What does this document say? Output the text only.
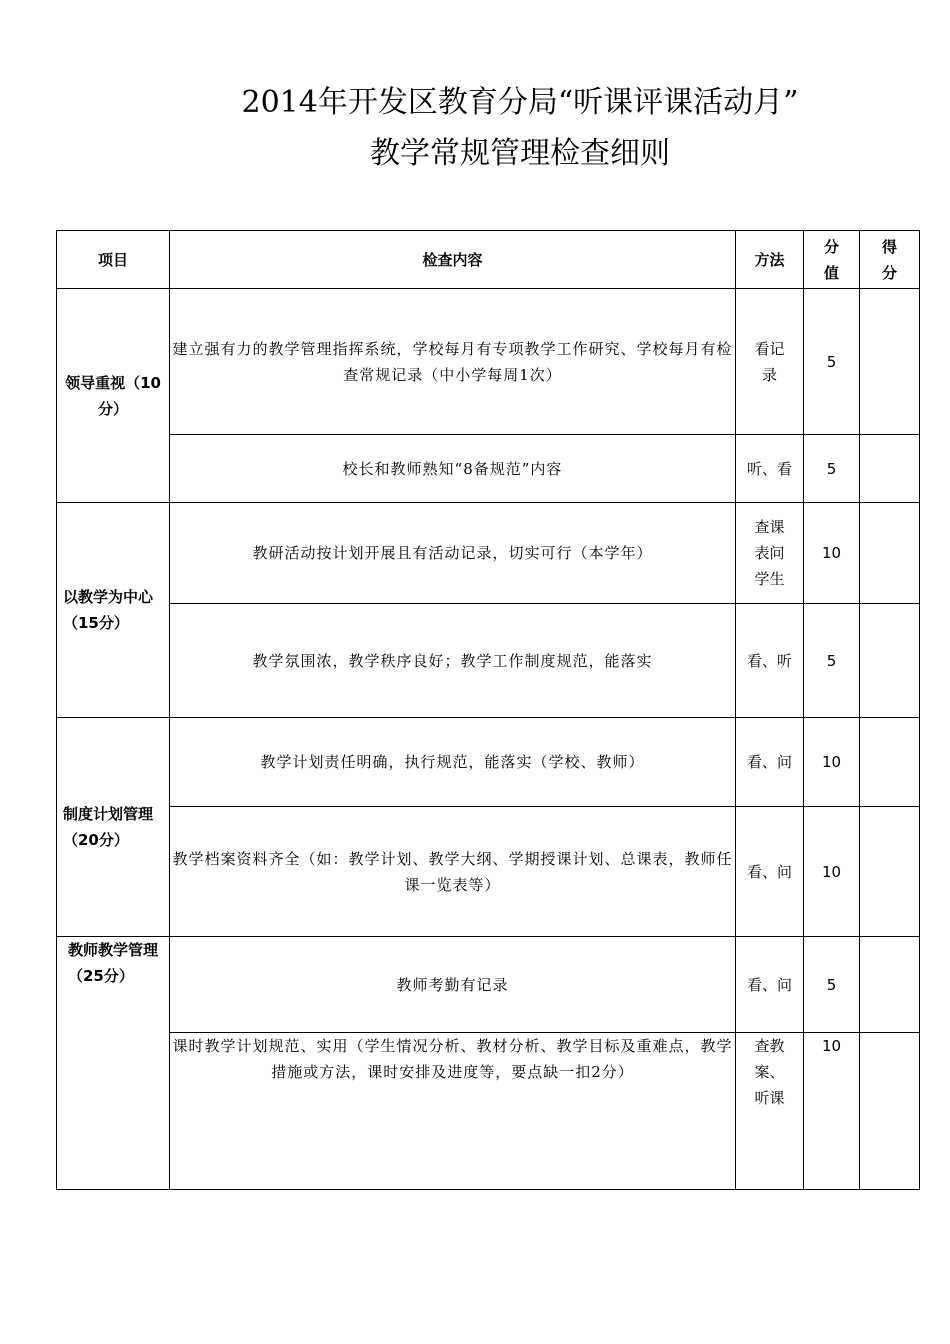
2014年开发区教育分局“听课评课活动月”
教学常规管理检查细则
项目	检查内容	方法	分值	得分
领导重视（10分）	建立强有力的教学管理指挥系统，学校每月有专项教学工作研究、学校每月有检查常规记录（中小学每周1次）	看记录	5	
	校长和教师熟知“8备规范”内容	听、看	5	
以教学为中心（15分）	教研活动按计划开展且有活动记录，切实可行（本学年）	查课表问学生	10	
	教学氛围浓，教学秩序良好；教学工作制度规范，能落实	看、听	5	
制度计划管理（20分）	教学计划责任明确，执行规范，能落实（学校、教师）	看、问	10	
	教学档案资料齐全（如：教学计划、教学大纲、学期授课计划、总课表，教师任课一览表等）	看、问	10	

教师教学管理（25分）	教师考勤有记录	看、问	5	
	课时教学计划规范、实用（学生情况分析、教材分析、教学目标及重难点，教学措施或方法，课时安排及进度等，要点缺一扣2分）	查教案、听课	10	
